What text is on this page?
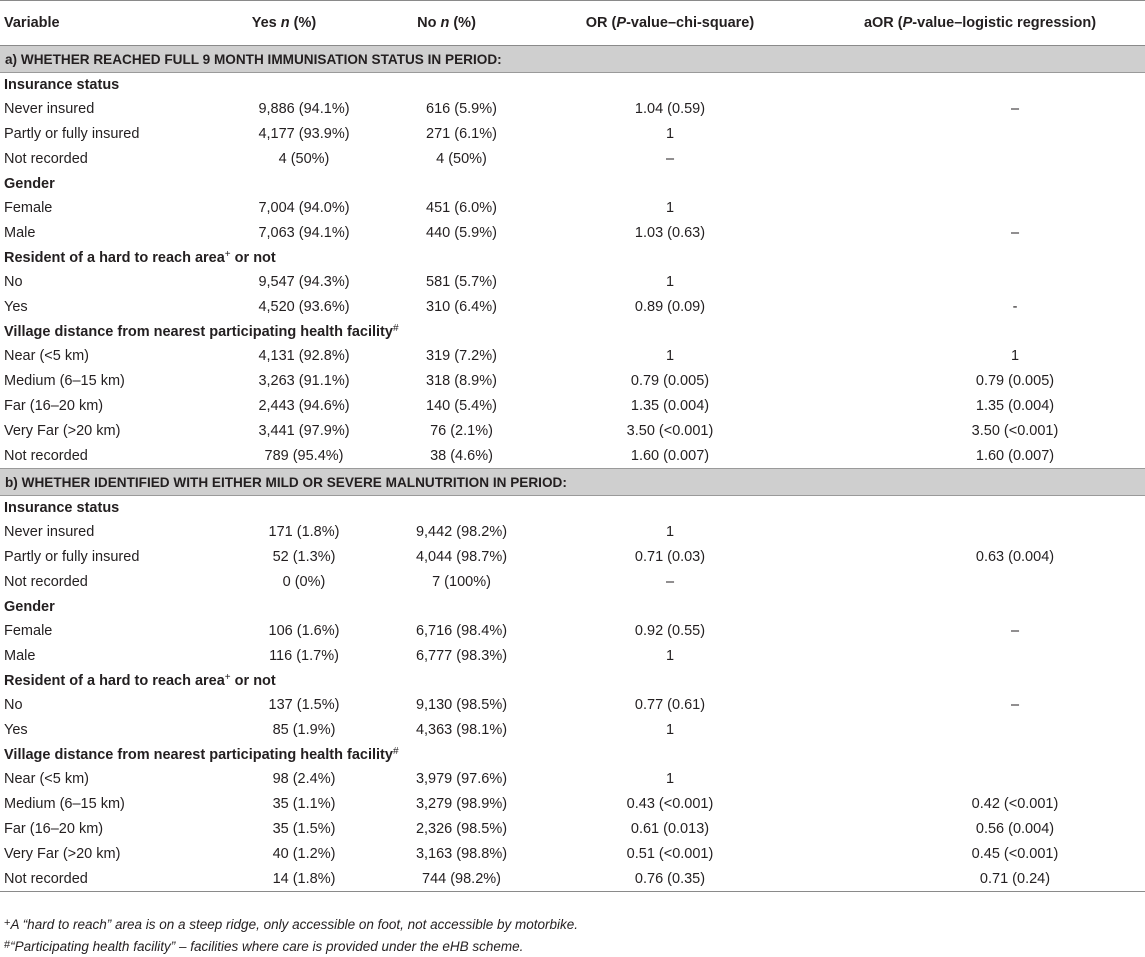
Variable	Yes n (%)	No n (%)	OR (P-value–chi-square)	aOR (P-value–logistic regression)
a) WHETHER REACHED FULL 9 MONTH IMMUNISATION STATUS IN PERIOD:				
Insurance status				
Never insured	9,886 (94.1%)	616 (5.9%)	1.04 (0.59)	–
Partly or fully insured	4,177 (93.9%)	271 (6.1%)	1	
Not recorded	4 (50%)	4 (50%)	–	
Gender				
Female	7,004 (94.0%)	451 (6.0%)	1	
Male	7,063 (94.1%)	440 (5.9%)	1.03 (0.63)	–
Resident of a hard to reach area+ or not				
No	9,547 (94.3%)	581 (5.7%)	1	
Yes	4,520 (93.6%)	310 (6.4%)	0.89 (0.09)	-
Village distance from nearest participating health facility#
Near (<5 km)	4,131 (92.8%)	319 (7.2%)	1	1
Medium (6–15 km)	3,263 (91.1%)	318 (8.9%)	0.79 (0.005)	0.79 (0.005)
Far (16–20 km)	2,443 (94.6%)	140 (5.4%)	1.35 (0.004)	1.35 (0.004)
Very Far (>20 km)	3,441 (97.9%)	76 (2.1%)	3.50 (<0.001)	3.50 (<0.001)
Not recorded	789 (95.4%)	38 (4.6%)	1.60 (0.007)	1.60 (0.007)
b) WHETHER IDENTIFIED WITH EITHER MILD OR SEVERE MALNUTRITION IN PERIOD:				
Insurance status				
Never insured	171 (1.8%)	9,442 (98.2%)	1	
Partly or fully insured	52 (1.3%)	4,044 (98.7%)	0.71 (0.03)	0.63 (0.004)
Not recorded	0 (0%)	7 (100%)	–	
Gender				
Female	106 (1.6%)	6,716 (98.4%)	0.92 (0.55)	–
Male	116 (1.7%)	6,777 (98.3%)	1	
Resident of a hard to reach area+ or not				
No	137 (1.5%)	9,130 (98.5%)	0.77 (0.61)	–
Yes	85 (1.9%)	4,363 (98.1%)	1	
Village distance from nearest participating health facility#
Near (<5 km)	98 (2.4%)	3,979 (97.6%)	1	
Medium (6–15 km)	35 (1.1%)	3,279 (98.9%)	0.43 (<0.001)	0.42 (<0.001)
Far (16–20 km)	35 (1.5%)	2,326 (98.5%)	0.61 (0.013)	0.56 (0.004)
Very Far (>20 km)	40 (1.2%)	3,163 (98.8%)	0.51 (<0.001)	0.45 (<0.001)
Not recorded	14 (1.8%)	744 (98.2%)	0.76 (0.35)	0.71 (0.24)
+A “hard to reach” area is on a steep ridge, only accessible on foot, not accessible by motorbike.
#“Participating health facility” – facilities where care is provided under the eHB scheme.
